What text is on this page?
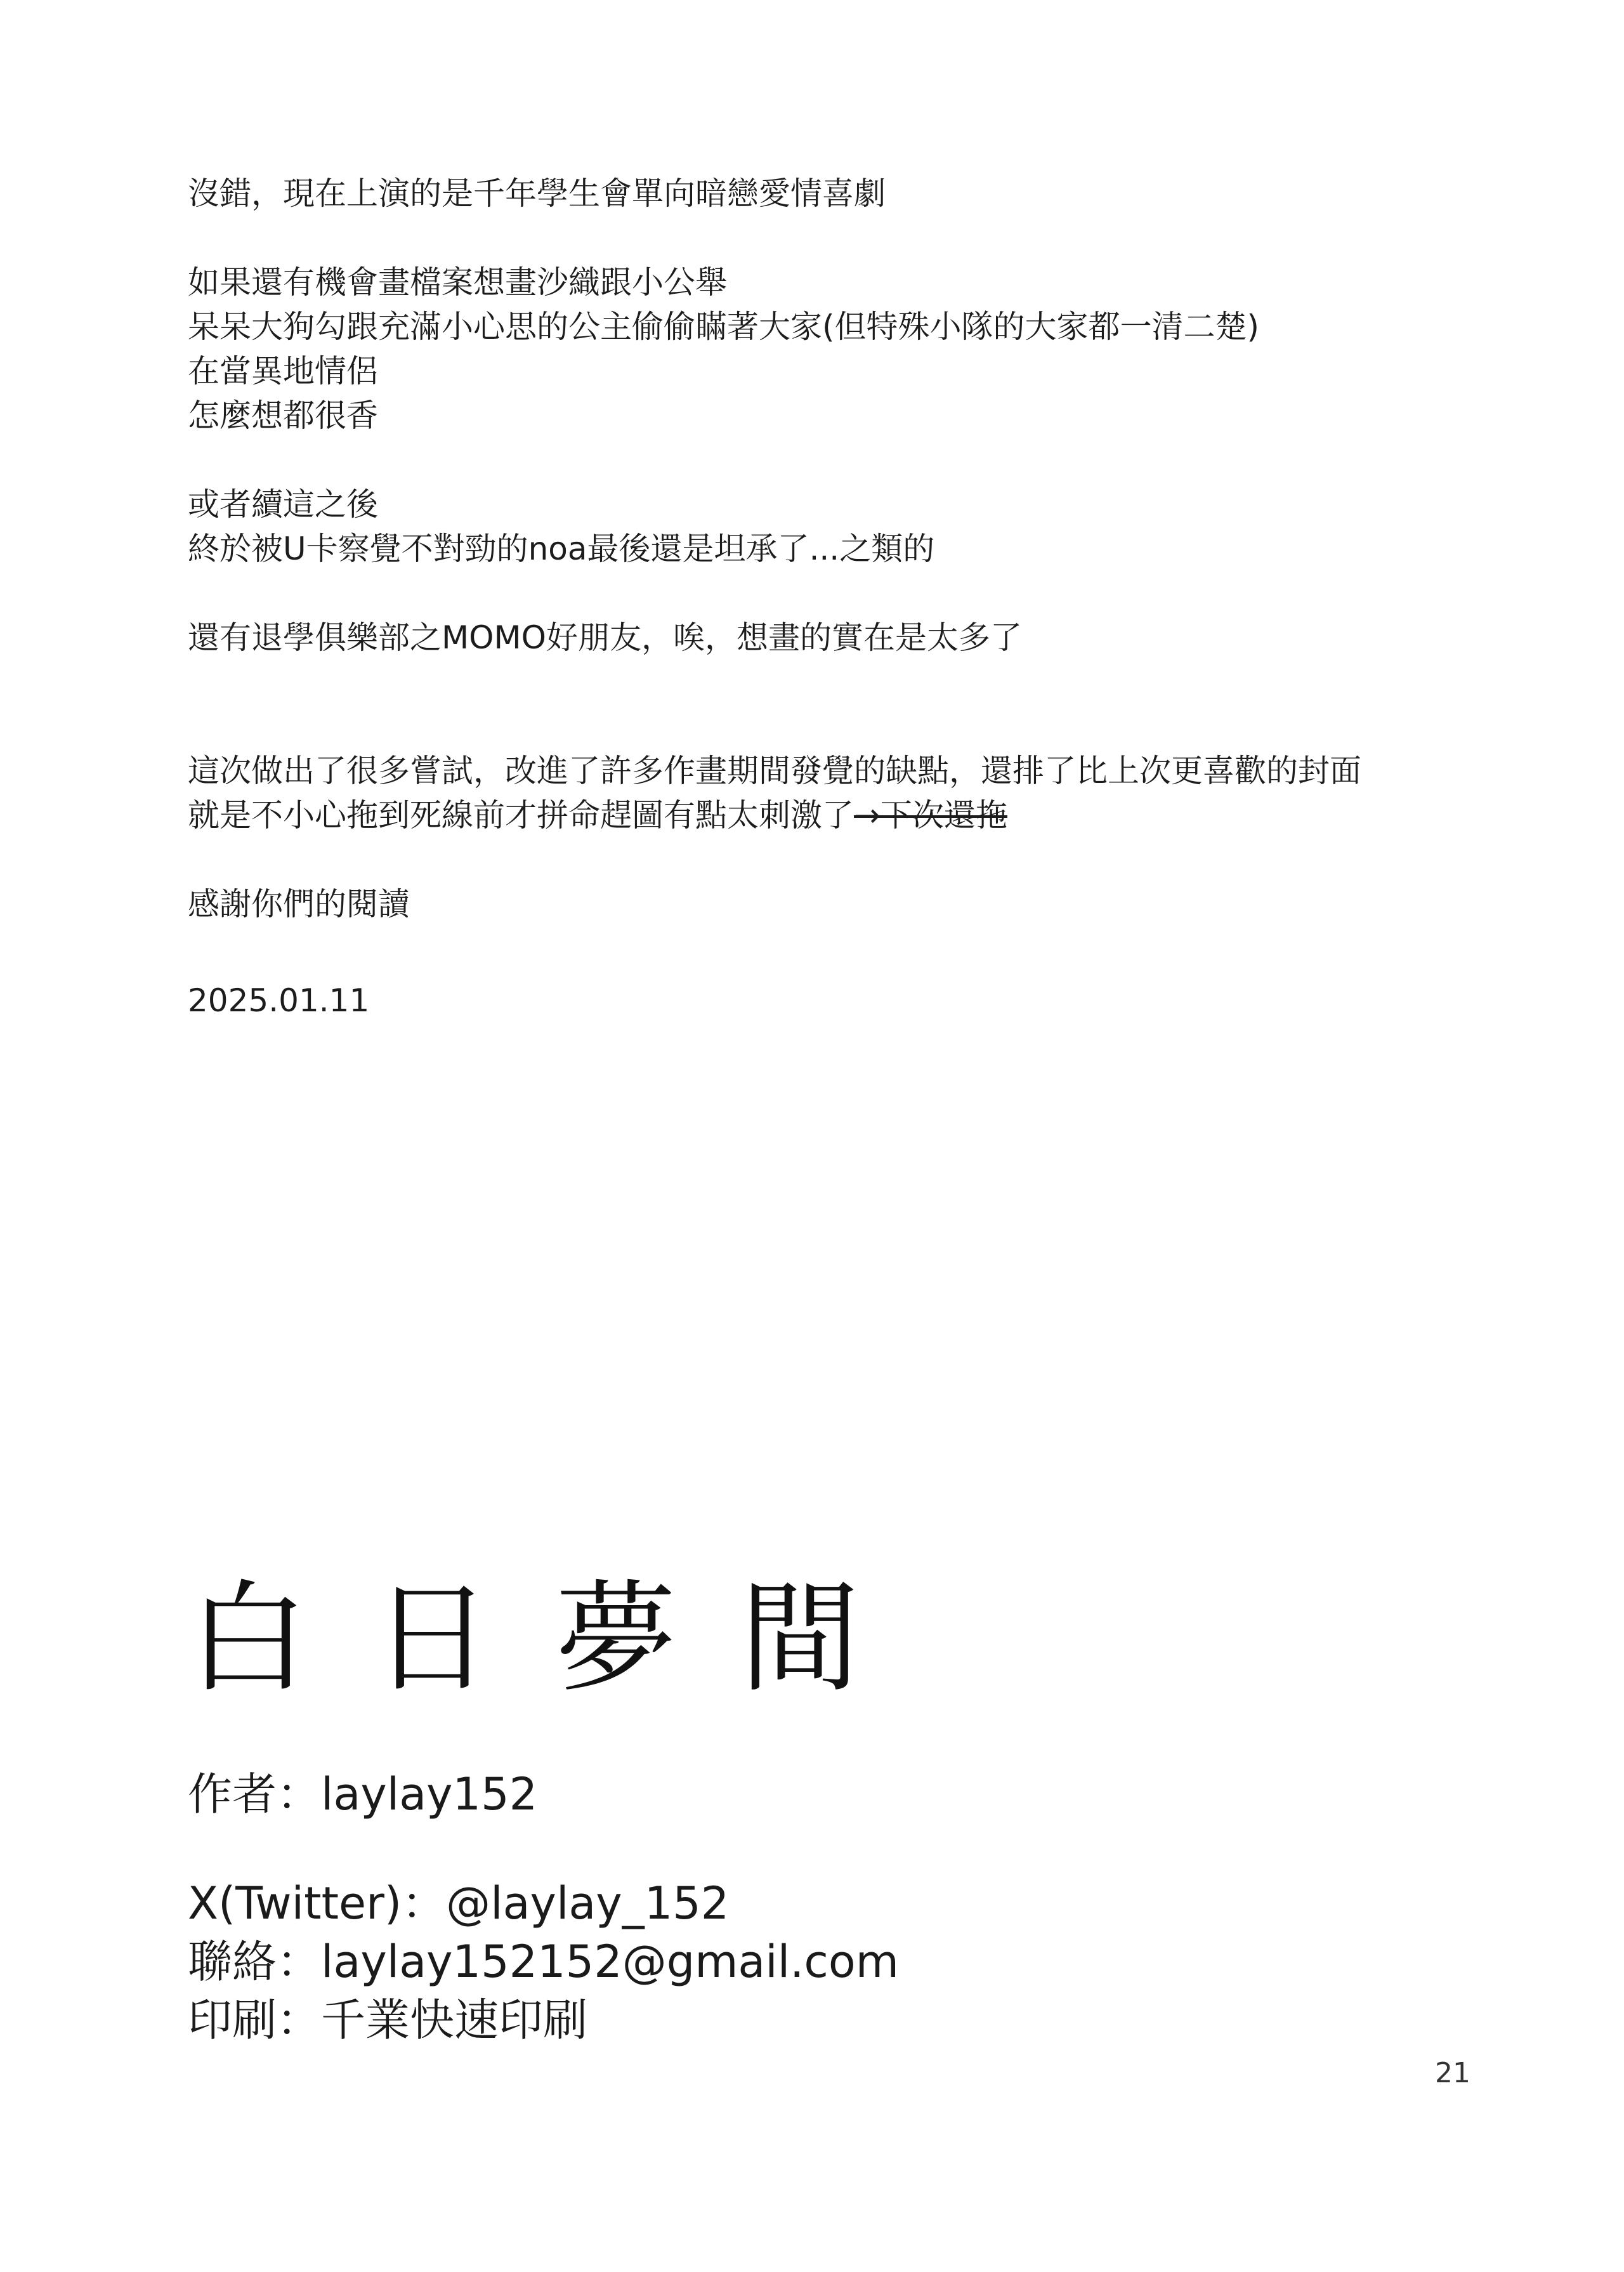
沒錯，現在上演的是千年學生會單向暗戀愛情喜劇
如果還有機會畫檔案想畫沙織跟小公舉
呆呆大狗勾跟充滿小心思的公主偷偷瞞著大家(但特殊小隊的大家都一清二楚)
在當異地情侶
怎麼想都很香
或者續這之後
終於被U卡察覺不對勁的noa最後還是坦承了...之類的
還有退學俱樂部之MOMO好朋友，唉，想畫的實在是太多了
這次做出了很多嘗試，改進了許多作畫期間發覺的缺點，還排了比上次更喜歡的封面
就是不小心拖到死線前才拼命趕圖有點太刺激了→下次還拖
感謝你們的閱讀
2025.01.11
白日夢間
作者：laylay152
X(Twitter)：@laylay_152
聯絡：laylay152152@gmail.com
印刷：千業快速印刷
21
